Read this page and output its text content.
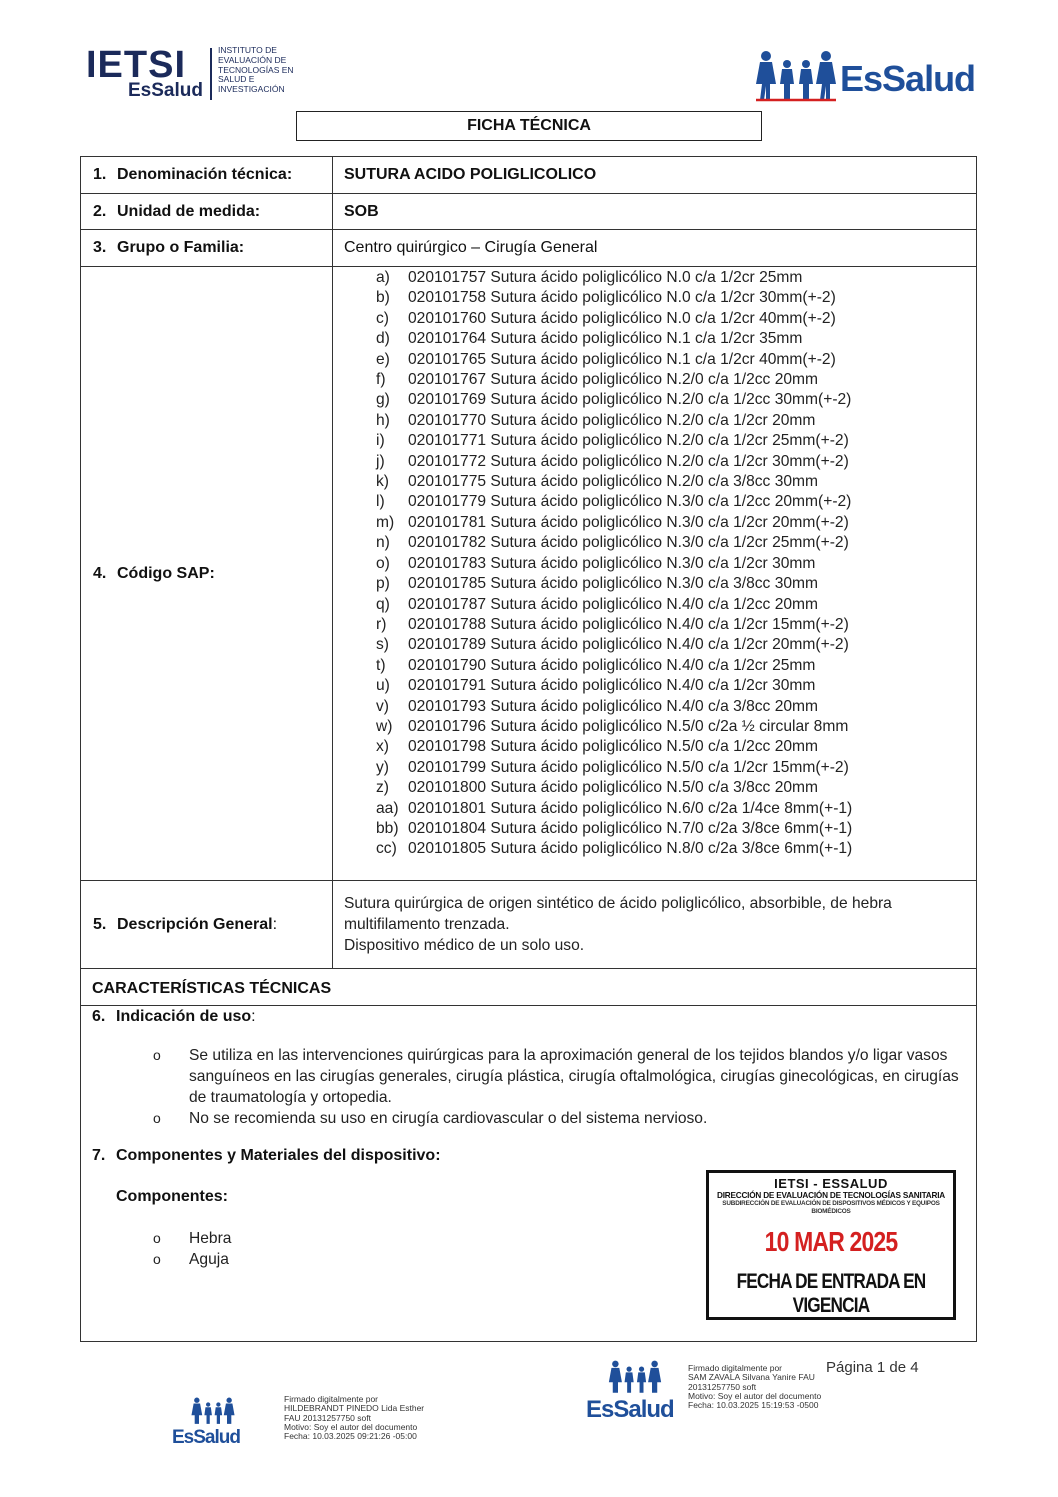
IETSI
EsSalud
INSTITUTO DE EVALUACIÓN DE TECNOLOGÍAS EN SALUD E INVESTIGACIÓN	EsSalud
FICHA TÉCNICA
1. Denominación técnica:	SUTURA ACIDO POLIGLICOLICO
2. Unidad de medida:	SOB
3. Grupo o Familia:	Centro quirúrgico – Cirugía General
4. Código SAP:
a) 020101757 Sutura ácido poliglicólico N.0 c/a 1/2cr 25mm
b) 020101758 Sutura ácido poliglicólico N.0 c/a 1/2cr 30mm(+-2)
c) 020101760 Sutura ácido poliglicólico N.0 c/a 1/2cr 40mm(+-2)
d) 020101764 Sutura ácido poliglicólico N.1 c/a 1/2cr 35mm
e) 020101765 Sutura ácido poliglicólico N.1 c/a 1/2cr 40mm(+-2)
f) 020101767 Sutura ácido poliglicólico N.2/0 c/a 1/2cc 20mm
g) 020101769 Sutura ácido poliglicólico N.2/0 c/a 1/2cc 30mm(+-2)
h) 020101770 Sutura ácido poliglicólico N.2/0 c/a 1/2cr 20mm
i) 020101771 Sutura ácido poliglicólico N.2/0 c/a 1/2cr 25mm(+-2)
j) 020101772 Sutura ácido poliglicólico N.2/0 c/a 1/2cr 30mm(+-2)
k) 020101775 Sutura ácido poliglicólico N.2/0 c/a 3/8cc 30mm
l) 020101779 Sutura ácido poliglicólico N.3/0 c/a 1/2cc 20mm(+-2)
m) 020101781 Sutura ácido poliglicólico N.3/0 c/a 1/2cr 20mm(+-2)
n) 020101782 Sutura ácido poliglicólico N.3/0 c/a 1/2cr 25mm(+-2)
o) 020101783 Sutura ácido poliglicólico N.3/0 c/a 1/2cr 30mm
p) 020101785 Sutura ácido poliglicólico N.3/0 c/a 3/8cc 30mm
q) 020101787 Sutura ácido poliglicólico N.4/0 c/a 1/2cc 20mm
r) 020101788 Sutura ácido poliglicólico N.4/0 c/a 1/2cr 15mm(+-2)
s) 020101789 Sutura ácido poliglicólico N.4/0 c/a 1/2cr 20mm(+-2)
t) 020101790 Sutura ácido poliglicólico N.4/0 c/a 1/2cr 25mm
u) 020101791 Sutura ácido poliglicólico N.4/0 c/a 1/2cr 30mm
v) 020101793 Sutura ácido poliglicólico N.4/0 c/a 3/8cc 20mm
w) 020101796 Sutura ácido poliglicólico N.5/0 c/2a ½ circular 8mm
x) 020101798 Sutura ácido poliglicólico N.5/0 c/a 1/2cc 20mm
y) 020101799 Sutura ácido poliglicólico N.5/0 c/a 1/2cr 15mm(+-2)
z) 020101800 Sutura ácido poliglicólico N.5/0 c/a 3/8cc 20mm
aa) 020101801 Sutura ácido poliglicólico N.6/0 c/2a 1/4ce 8mm(+-1)
bb) 020101804 Sutura ácido poliglicólico N.7/0 c/2a 3/8ce 6mm(+-1)
cc) 020101805 Sutura ácido poliglicólico N.8/0 c/2a 3/8ce 6mm(+-1)
5. Descripción General :
Sutura quirúrgica de origen sintético de ácido poliglicólico, absorbible, de hebra multifilamento trenzada.
Dispositivo médico de un solo uso.
CARACTERÍSTICAS TÉCNICAS
6. Indicación de uso:
o Se utiliza en las intervenciones quirúrgicas para la aproximación general de los tejidos blandos y/o ligar vasos sanguíneos en las cirugías generales, cirugía plástica, cirugía oftalmológica, cirugías ginecológicas, en cirugías de traumatología y ortopedia.
o No se recomienda su uso en cirugía cardiovascular o del sistema nervioso.
7. Componentes y Materiales del dispositivo:
Componentes:
o Hebra
o Aguja
IETSI - ESSALUD
DIRECCIÓN DE EVALUACIÓN DE TECNOLOGÍAS SANITARIA
SUBDIRECCIÓN DE EVALUACIÓN DE DISPOSITIVOS MÉDICOS Y EQUIPOS BIOMÉDICOS
10 MAR 2025
FECHA DE ENTRADA EN VIGENCIA
EsSalud
Firmado digitalmente por
HILDEBRANDT PINEDO Lida Esther
FAU 20131257750 soft
Motivo: Soy el autor del documento
Fecha: 10.03.2025 09:21:26 -05:00
EsSalud
Firmado digitalmente por
SAM ZAVALA Silvana Yanire FAU
20131257750 soft
Motivo: Soy el autor del documento
Fecha: 10.03.2025 15:19:53 -0500
Página 1 de 4
